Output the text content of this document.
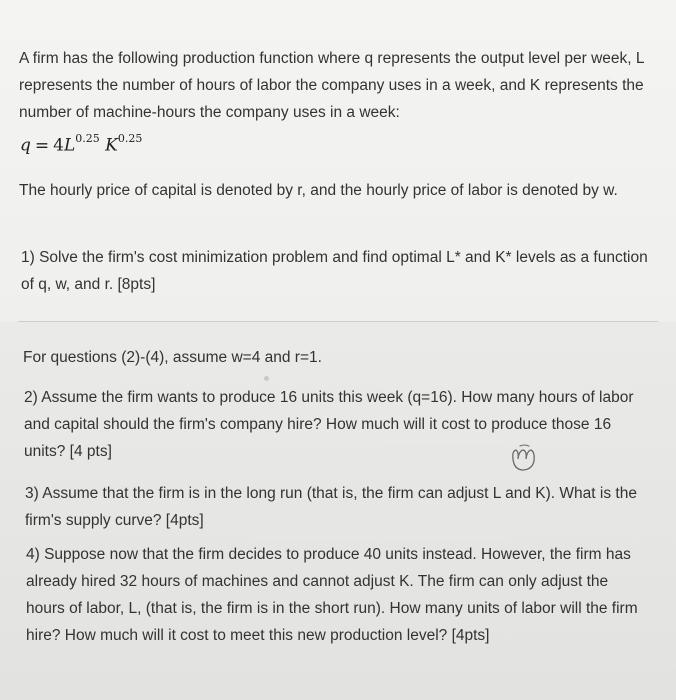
A firm has the following production function where q represents the output level per week, L represents the number of hours of labor the company uses in a week, and K represents the number of machine-hours the company uses in a week:

$q = 4L^{0.25}$ $K^{0.25}$

The hourly price of capital is denoted by r, and the hourly price of labor is denoted by w.

1) Solve the firm's cost minimization problem and find optimal L* and K* levels as a function of q, w, and r. [8pts]

For questions (2)-(4), assume w=4 and r=1.

2) Assume the firm wants to produce 16 units this week (q=16). How many hours of labor and capital should the firm's company hire? How much will it cost to produce those 16 units? [4 pts]

3) Assume that the firm is in the long run (that is, the firm can adjust L and K). What is the firm's supply curve? [4pts]

4) Suppose now that the firm decides to produce 40 units instead. However, the firm has already hired 32 hours of machines and cannot adjust K. The firm can only adjust the hours of labor, L, (that is, the firm is in the short run). How many units of labor will the firm hire? How much will it cost to meet this new production level? [4pts]
